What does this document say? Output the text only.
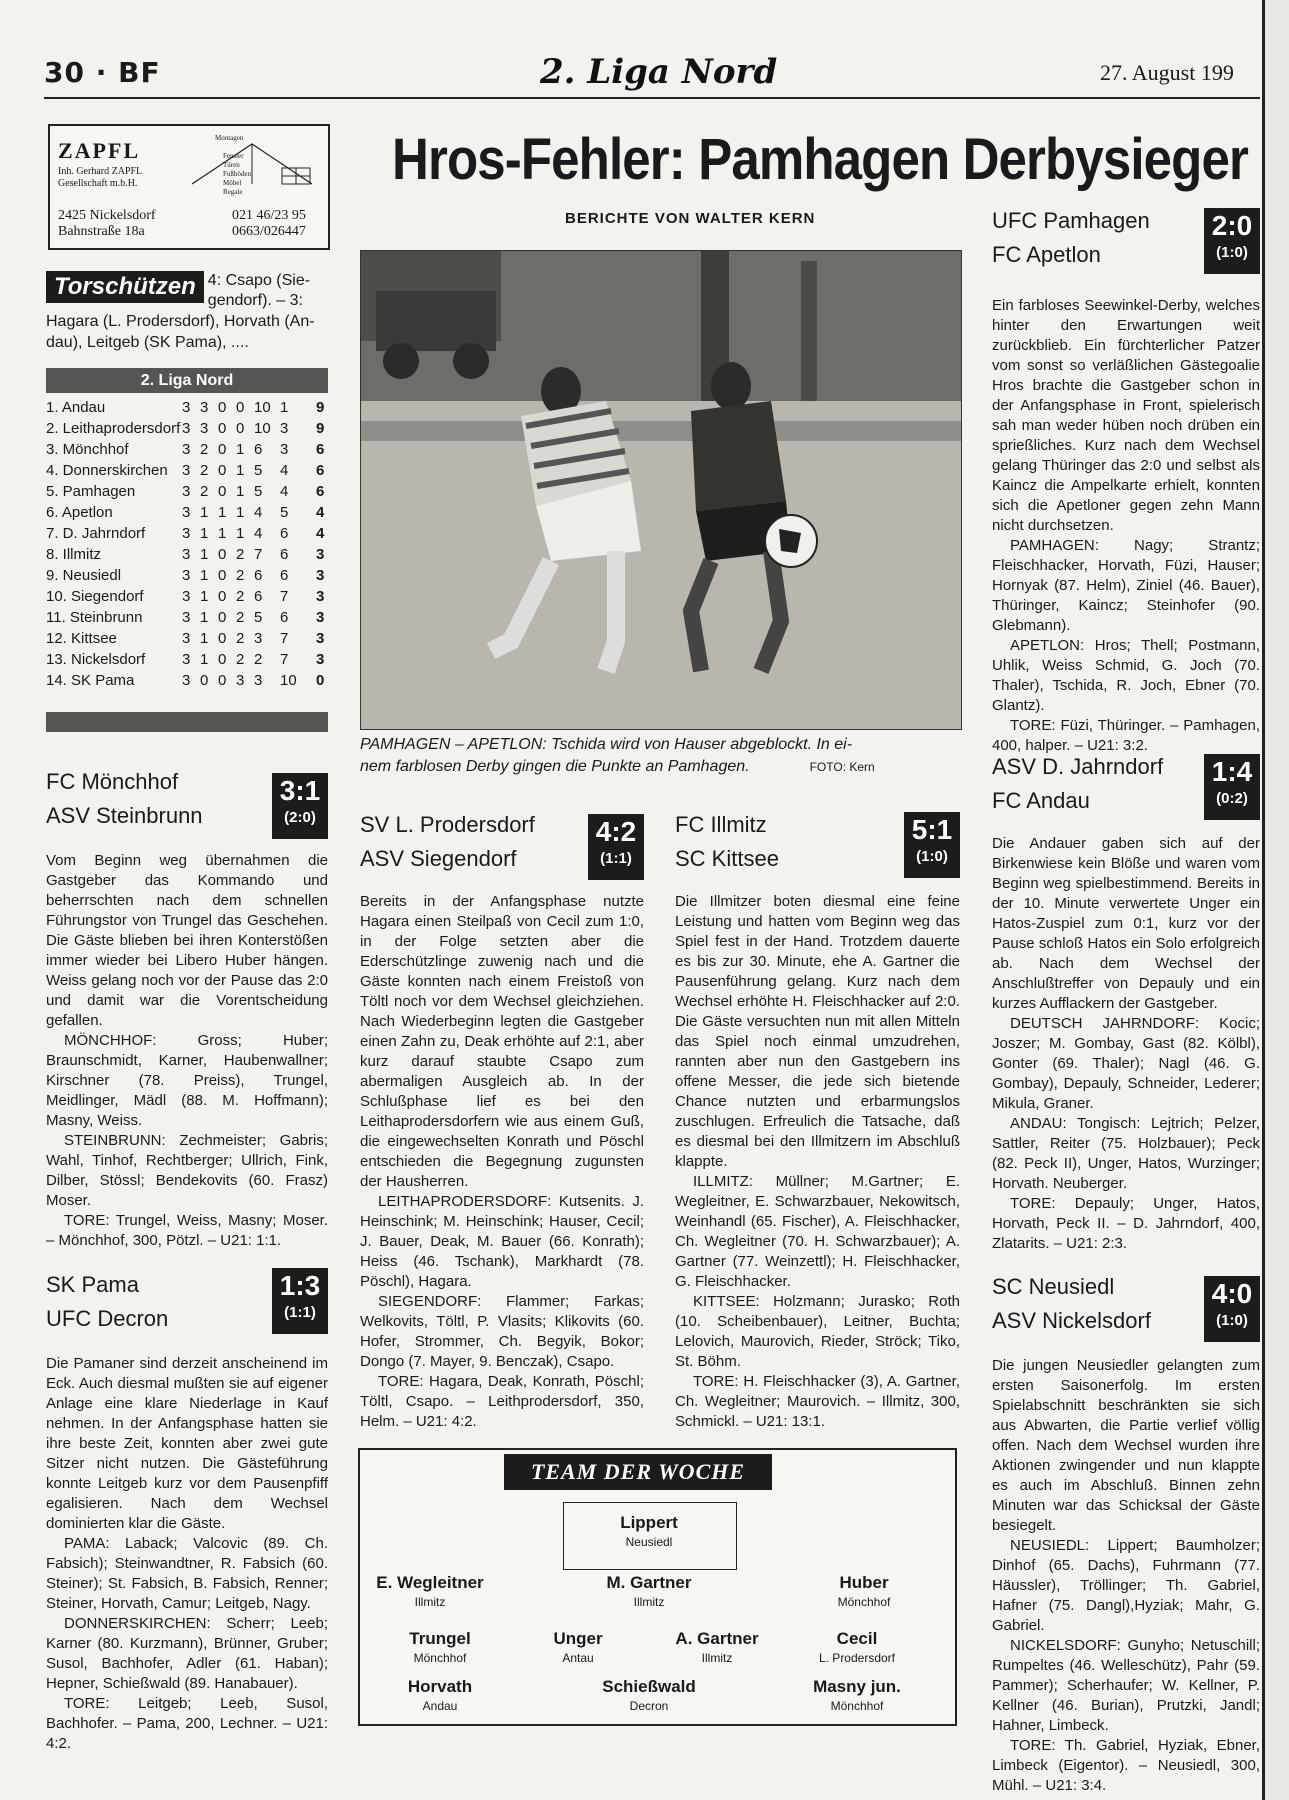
30 · BF	2. Liga Nord	27. August 199
ZAPFL
Inh. Gerhard ZAPFL
Gesellschaft m.b.H.
Montagen

Fenster
Türen
Fußböden
Möbel
Regale
2425 Nickelsdorf
Bahnstraße 18a
021 46/23 95
0663/026447
Torschützen 4: Csapo (Sie-
gendorf). – 3:
Hagara (L. Prodersdorf), Horvath (An-
dau), Leitgeb (SK Pama), ....
2. Liga Nord
1. Andau	3 3 0 0 10 1 9
2. Leithaprodersdorf 3 3 0 0 10 3 9
3. Mönchhof	3 2 0 1 6 3 6
4. Donnerskirchen 3 2 0 1 5 4 6
5. Pamhagen	3 2 0 1 5 4 6
6. Apetlon	3 1 1 1 4 5 4
7. D. Jahrndorf 3 1 1 1 4 6 4
8. Illmitz	3 1 0 2 7 6 3
9. Neusiedl	3 1 0 2 6 6 3
10. Siegendorf	3 1 0 2 6 7 3
11. Steinbrunn	3 1 0 2 5 6 3
12. Kittsee	3 1 0 2 3 7 3
13. Nickelsdorf 3 1 0 2 2 7 3
14. SK Pama	3 0 0 3 3 10 0
Hros-Fehler: Pamhagen Derbysieger
BERICHTE VON WALTER KERN
PAMHAGEN – APETLON: Tschida wird von Hauser abgeblockt. In ei-
nem farblosen Derby gingen die Punkte an Pamhagen.	FOTO: Kern
FC Mönchhof
ASV Steinbrunn
3:1
(2:0)

Vom Beginn weg übernahmen die Gastgeber das Kommando und beherrschten nach dem schnellen Führungstor von Trungel das Geschehen. Die Gäste blieben bei ihren Konterstößen immer wieder bei Libero Huber hängen. Weiss gelang noch vor der Pause das 2:0 und damit war die Vorentscheidung gefallen.

MÖNCHHOF: Gross; Huber; Braunschmidt, Karner, Haubenwallner; Kirschner (78. Preiss), Trungel, Meidlinger, Mädl (88. M. Hoffmann); Masny, Weiss.

STEINBRUNN: Zechmeister; Gabris; Wahl, Tinhof, Rechtberger; Ullrich, Fink, Dilber, Stössl; Bendekovits (60. Frasz) Moser.

TORE: Trungel, Weiss, Masny; Moser. – Mönchhof, 300, Pötzl. – U21: 1:1.

SK Pama
UFC Decron
1:3
(1:1)

Die Pamaner sind derzeit anscheinend im Eck. Auch diesmal mußten sie auf eigener Anlage eine klare Niederlage in Kauf nehmen. In der Anfangsphase hatten sie ihre beste Zeit, konnten aber zwei gute Sitzer nicht nutzen. Die Gästeführung konnte Leitgeb kurz vor dem Pausenpfiff egalisieren. Nach dem Wechsel dominierten klar die Gäste.

PAMA: Laback; Valcovic (89. Ch. Fabsich); Steinwandtner, R. Fabsich (60. Steiner); St. Fabsich, B. Fabsich, Renner; Steiner, Horvath, Camur; Leitgeb, Nagy.

DONNERSKIRCHEN: Scherr; Leeb; Karner (80. Kurzmann), Brünner, Gruber; Susol, Bachhofer, Adler (61. Haban); Hepner, Schießwald (89. Hanabauer).

TORE: Leitgeb; Leeb, Susol, Bachhofer. – Pama, 200, Lechner. – U21: 4:2.

SV L. Prodersdorf
ASV Siegendorf
4:2
(1:1)

Bereits in der Anfangsphase nutzte Hagara einen Steilpaß von Cecil zum 1:0, in der Folge setzten aber die Ederschützlinge zuwenig nach und die Gäste konnten nach einem Freistoß von Töltl noch vor dem Wechsel gleichziehen. Nach Wiederbeginn legten die Gastgeber einen Zahn zu, Deak erhöhte auf 2:1, aber kurz darauf staubte Csapo zum abermaligen Ausgleich ab. In der Schlußphase lief es bei den Leithaprodersdorfern wie aus einem Guß, die eingewechselten Konrath und Pöschl entschieden die Begegnung zugunsten der Hausherren.

LEITHAPRODERSDORF: Kutsenits. J. Heinschink; M. Heinschink; Hauser, Cecil; J. Bauer, Deak, M. Bauer (66. Konrath); Heiss (46. Tschank), Markhardt (78. Pöschl), Hagara.

SIEGENDORF: Flammer; Farkas; Welkovits, Töltl, P. Vlasits; Klikovits (60. Hofer, Strommer, Ch. Begyik, Bokor; Dongo (7. Mayer, 9. Benczak), Csapo.

TORE: Hagara, Deak, Konrath, Pöschl; Töltl, Csapo. – Leithprodersdorf, 350, Helm. – U21: 4:2.

FC Illmitz
SC Kittsee
5:1
(1:0)

Die Illmitzer boten diesmal eine feine Leistung und hatten vom Beginn weg das Spiel fest in der Hand. Trotzdem dauerte es bis zur 30. Minute, ehe A. Gartner die Pausenführung gelang. Kurz nach dem Wechsel erhöhte H. Fleischhacker auf 2:0. Die Gäste versuchten nun mit allen Mitteln das Spiel noch einmal umzudrehen, rannten aber nun den Gastgebern ins offene Messer, die jede sich bietende Chance nutzten und erbarmungslos zuschlugen. Erfreulich die Tatsache, daß es diesmal bei den Illmitzern im Abschluß klappte.

ILLMITZ: Müllner; M.Gartner; E. Wegleitner, E. Schwarzbauer, Nekowitsch, Weinhandl (65. Fischer), A. Fleischhacker, Ch. Wegleitner (70. H. Schwarzbauer); A. Gartner (77. Weinzettl); H. Fleischhacker, G. Fleischhacker.

KITTSEE: Holzmann; Jurasko; Roth (10. Scheibenbauer), Leitner, Buchta; Lelovich, Maurovich, Rieder, Ströck; Tiko, St. Böhm.

TORE: H. Fleischhacker (3), A. Gartner, Ch. Wegleitner; Maurovich. – Illmitz, 300, Schmickl. – U21: 13:1.

UFC Pamhagen
FC Apetlon
2:0
(1:0)

Ein farbloses Seewinkel-Derby, welches hinter den Erwartungen weit zurückblieb. Ein fürchterlicher Patzer vom sonst so verläßlichen Gästegoalie Hros brachte die Gastgeber schon in der Anfangsphase in Front, spielerisch sah man weder hüben noch drüben ein sprießliches. Kurz nach dem Wechsel gelang Thüringer das 2:0 und selbst als Kaincz die Ampelkarte erhielt, konnten sich die Apetloner gegen zehn Mann nicht durchsetzen.

PAMHAGEN: Nagy; Strantz; Fleischhacker, Horvath, Füzi, Hauser; Hornyak (87. Helm), Ziniel (46. Bauer), Thüringer, Kaincz; Steinhofer (90. Glebmann).

APETLON: Hros; Thell; Postmann, Uhlik, Weiss Schmid, G. Joch (70. Thaler), Tschida, R. Joch, Ebner (70. Glantz).

TORE: Füzi, Thüringer. – Pamhagen, 400, halper. – U21: 3:2.

ASV D. Jahrndorf
FC Andau
1:4
(0:2)

Die Andauer gaben sich auf der Birkenwiese kein Blöße und waren vom Beginn weg spielbestimmend. Bereits in der 10. Minute verwertete Unger ein Hatos-Zuspiel zum 0:1, kurz vor der Pause schloß Hatos ein Solo erfolgreich ab. Nach dem Wechsel der Anschlußtreffer von Depauly und ein kurzes Aufflackern der Gastgeber.

DEUTSCH JAHRNDORF: Kocic; Joszer; M. Gombay, Gast (82. Kölbl), Gonter (69. Thaler); Nagl (46. G. Gombay), Depauly, Schneider, Lederer; Mikula, Graner.

ANDAU: Tongisch: Lejtrich; Pelzer, Sattler, Reiter (75. Holzbauer); Peck (82. Peck II), Unger, Hatos, Wurzinger; Horvath. Neuberger.

TORE: Depauly; Unger, Hatos, Horvath, Peck II. – D. Jahrndorf, 400, Zlatarits. – U21: 2:3.

SC Neusiedl
ASV Nickelsdorf
4:0
(1:0)

Die jungen Neusiedler gelangten zum ersten Saisonerfolg. Im ersten Spielabschnitt beschränkten sie sich aus Abwarten, die Partie verlief völlig offen. Nach dem Wechsel wurden ihre Aktionen zwingender und nun klappte es auch im Abschluß. Binnen zehn Minuten war das Schicksal der Gäste besiegelt.

NEUSIEDL: Lippert; Baumholzer; Dinhof (65. Dachs), Fuhrmann (77. Häussler), Tröllinger; Th. Gabriel, Hafner (75. Dangl),Hyziak; Mahr, G. Gabriel.

NICKELSDORF: Gunyho; Netuschill; Rumpeltes (46. Welleschütz), Pahr (59. Pammer); Scherhaufer; W. Kellner, P. Kellner (46. Burian), Prutzki, Jandl; Hahner, Limbeck.

TORE: Th. Gabriel, Hyziak, Ebner, Limbeck (Eigentor). – Neusiedl, 300, Mühl. – U21: 3:4.

TEAM DER WOCHE
Lippert
Neusiedl
E. Wegleitner
Illmitz
M. Gartner
Illmitz
Huber
Mönchhof
Trungel
Mönchhof
Unger
Antau
A. Gartner
Illmitz
Cecil
L. Prodersdorf
Horvath
Andau
Schießwald
Decron
Masny jun.
Mönchhof
